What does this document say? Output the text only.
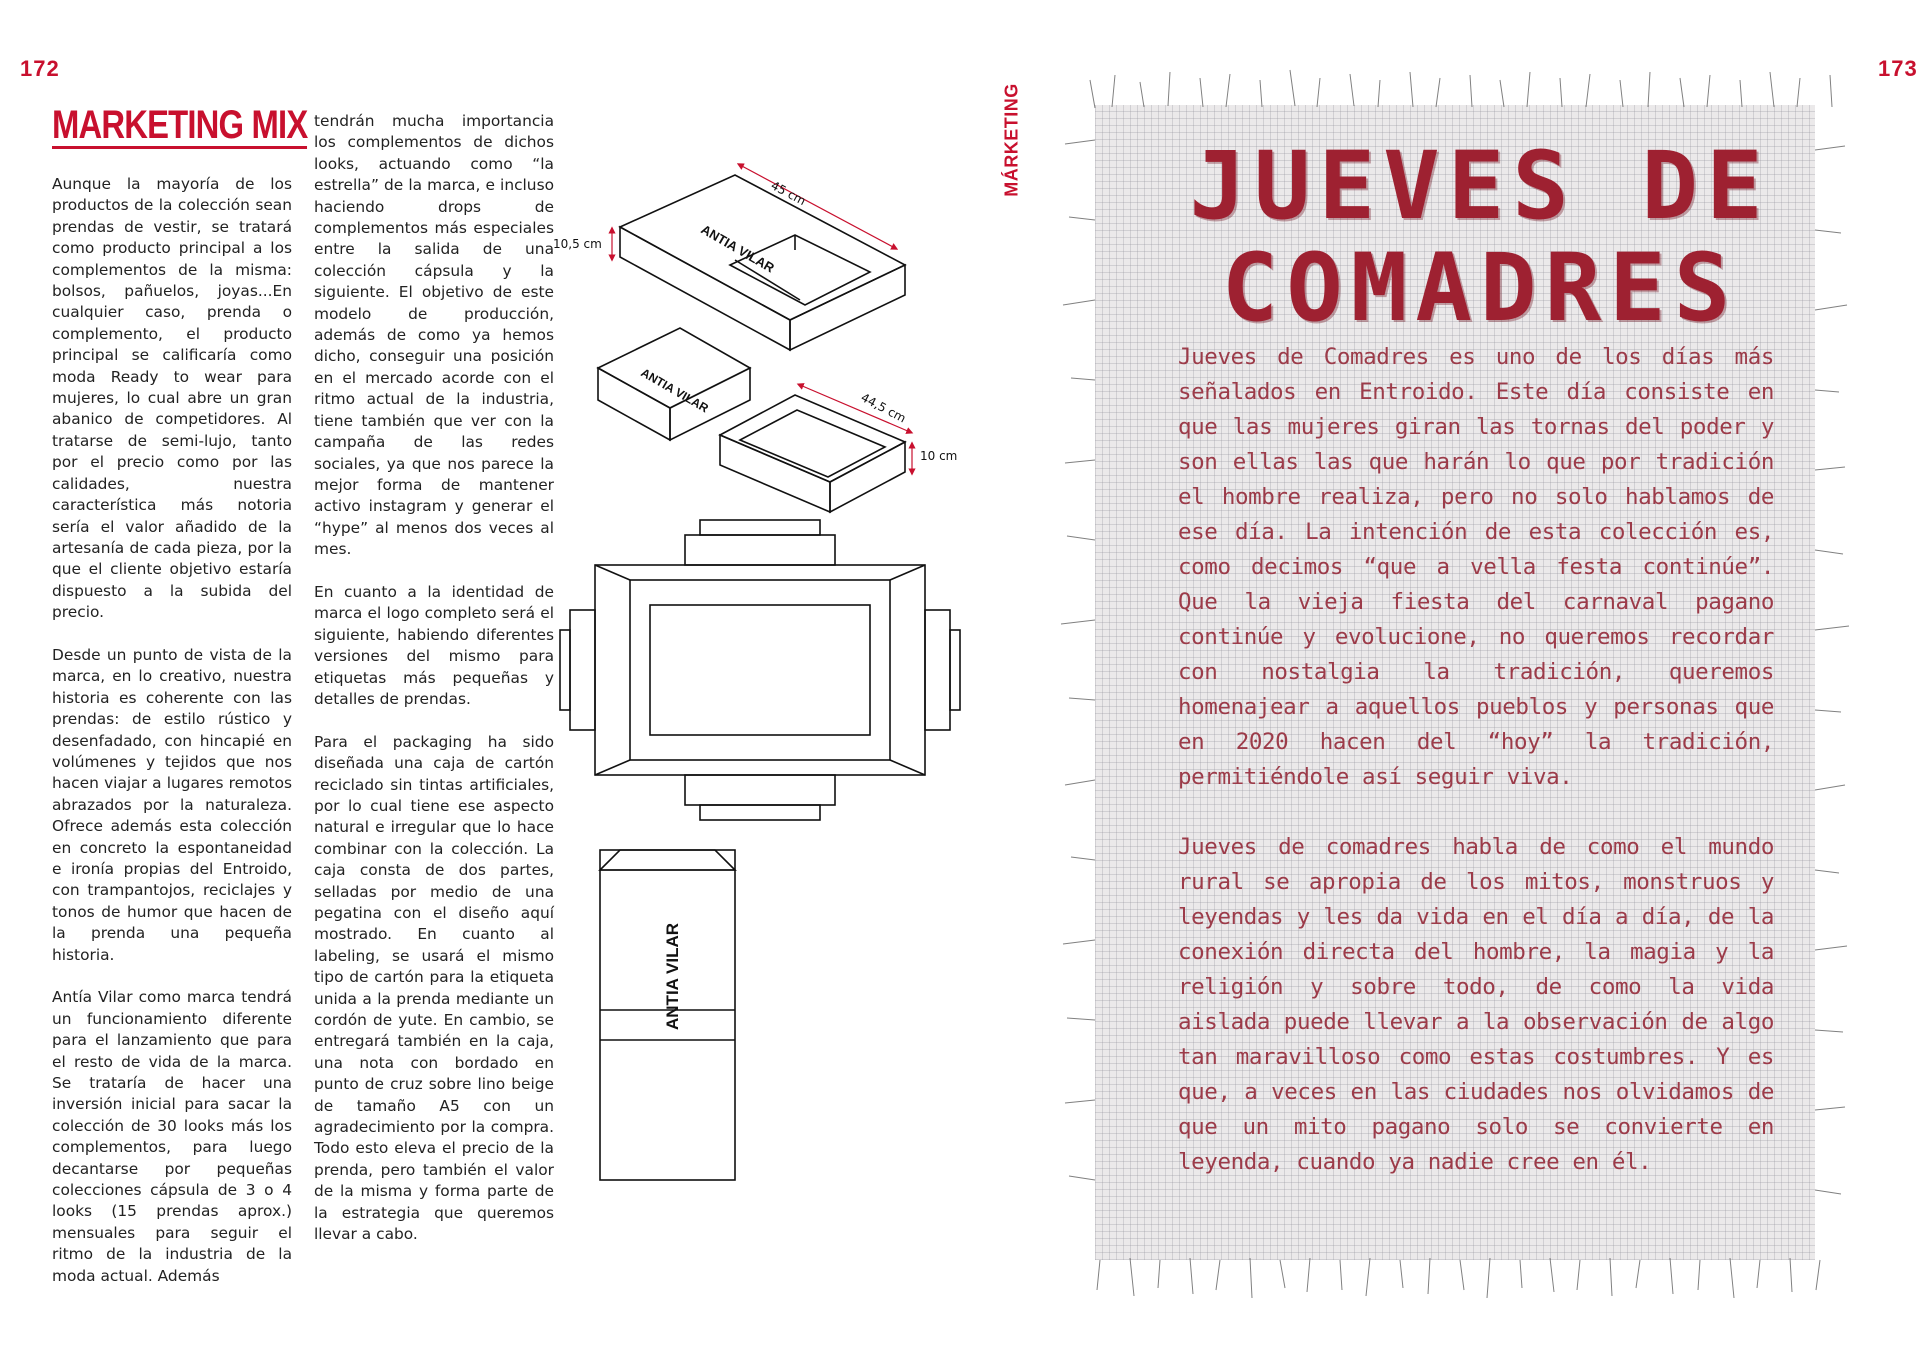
172	173
MARKETING MIX

Aunque la mayoría de los productos de la colección sean prendas de vestir, se tratará como producto principal a los complementos de la misma: bolsos, pañuelos, joyas...En cualquier caso, prenda o complemento, el producto principal se calificaría como moda Ready to wear para mujeres, lo cual abre un gran abanico de competidores. Al tratarse de semi-lujo, tanto por el precio como por las calidades, nuestra característica más notoria sería el valor añadido de la artesanía de cada pieza, por la que el cliente objetivo estaría dispuesto a la subida del precio.

Desde un punto de vista de la marca, en lo creativo, nuestra historia es coherente con las prendas: de estilo rústico y desenfadado, con hincapié en volúmenes y tejidos que nos hacen viajar a lugares remotos abrazados por la naturaleza. Ofrece además esta colección en concreto la espontaneidad e ironía propias del Entroido, con trampantojos, reciclajes y tonos de humor que hacen de la prenda una pequeña historia.

Antía Vilar como marca tendrá un funcionamiento diferente para el lanzamiento que para el resto de vida de la marca. Se trataría de hacer una inversión inicial para sacar la colección de 30 looks más los complementos, para luego decantarse por pequeñas colecciones cápsula de 3 o 4 looks (15 prendas aprox.) mensuales para seguir el ritmo de la industria de la moda actual. Además

tendrán mucha importancia los complementos de dichos looks, actuando como “la estrella” de la marca, e incluso haciendo drops de complementos más especiales entre la salida de una colección cápsula y la siguiente. El objetivo de este modelo de producción, además de como ya hemos dicho, conseguir una posición en el mercado acorde con el ritmo actual de la industria, tiene también que ver con la campaña de las redes sociales, ya que nos parece la mejor forma de mantener activo instagram y generar el “hype” al menos dos veces al mes.

En cuanto a la identidad de marca el logo completo será el siguiente, habiendo diferentes versiones del mismo para etiquetas más pequeñas y detalles de prendas.

Para el packaging ha sido diseñada una caja de cartón reciclado sin tintas artificiales, por lo cual tiene ese aspecto natural e irregular que lo hace combinar con la colección. La caja consta de dos partes, selladas por medio de una pegatina con el diseño aquí mostrado. En cuanto al labeling, se usará el mismo tipo de cartón para la etiqueta unida a la prenda mediante un cordón de yute. En cambio, se entregará también en la caja, una nota con bordado en punto de cruz sobre lino beige de tamaño A5 con un agradecimiento por la compra. Todo esto eleva el precio de la prenda, pero también el valor de la misma y forma parte de la estrategia que queremos llevar a cabo.

MÁRKETING
ANTIA VILAR
ANTIA VILAR
ANTIA VILAR
45 cm
10,5 cm
44,5 cm
10 cm
JUEVES DE
COMADRES

Jueves de Comadres es uno de los días más señalados en Entroido. Este día consiste en que las mujeres giran las tornas del poder y son ellas las que harán lo que por tradición el hombre realiza, pero no solo hablamos de ese día. La intención de esta colección es, como decimos “que a vella festa continúe”. Que la vieja fiesta del carnaval pagano continúe y evolucione, no queremos recordar con nostalgia la tradición, queremos homenajear a aquellos pueblos y personas que en 2020 hacen del “hoy” la tradición, permitiéndole así seguir viva.

Jueves de comadres habla de como el mundo rural se apropia de los mitos, monstruos y leyendas y les da vida en el día a día, de la conexión directa del hombre, la magia y la religión y sobre todo, de como la vida aislada puede llevar a la observación de algo tan maravilloso como estas costumbres. Y es que, a veces en las ciudades nos olvidamos de que un mito pagano solo se convierte en leyenda, cuando ya nadie cree en él.
